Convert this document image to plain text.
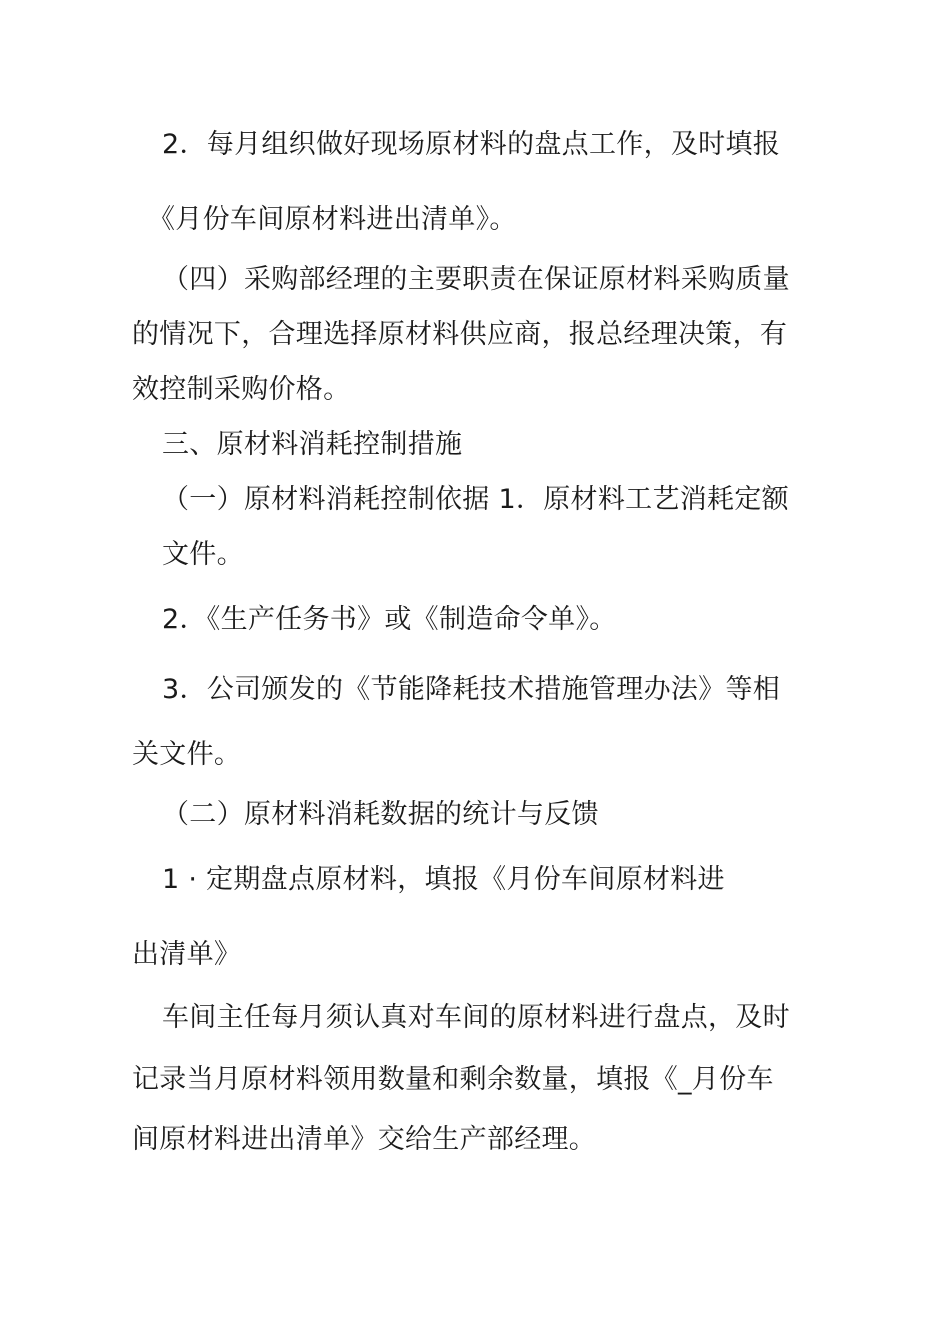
2．每月组织做好现场原材料的盘点工作，及时填报
《月份车间原材料进出清单》。
（四）采购部经理的主要职责在保证原材料采购质量
的情况下，合理选择原材料供应商，报总经理决策，有
效控制采购价格。
三、原材料消耗控制措施
（一）原材料消耗控制依据 1．原材料工艺消耗定额
文件。
2．《生产任务书》或《制造命令单》。
3．公司颁发的《节能降耗技术措施管理办法》等相
关文件。
（二）原材料消耗数据的统计与反馈
1 · 定期盘点原材料，填报《月份车间原材料进
出清单》
车间主任每月须认真对车间的原材料进行盘点，及时
记录当月原材料领用数量和剩余数量，填报《_月份车
间原材料进出清单》交给生产部经理。
